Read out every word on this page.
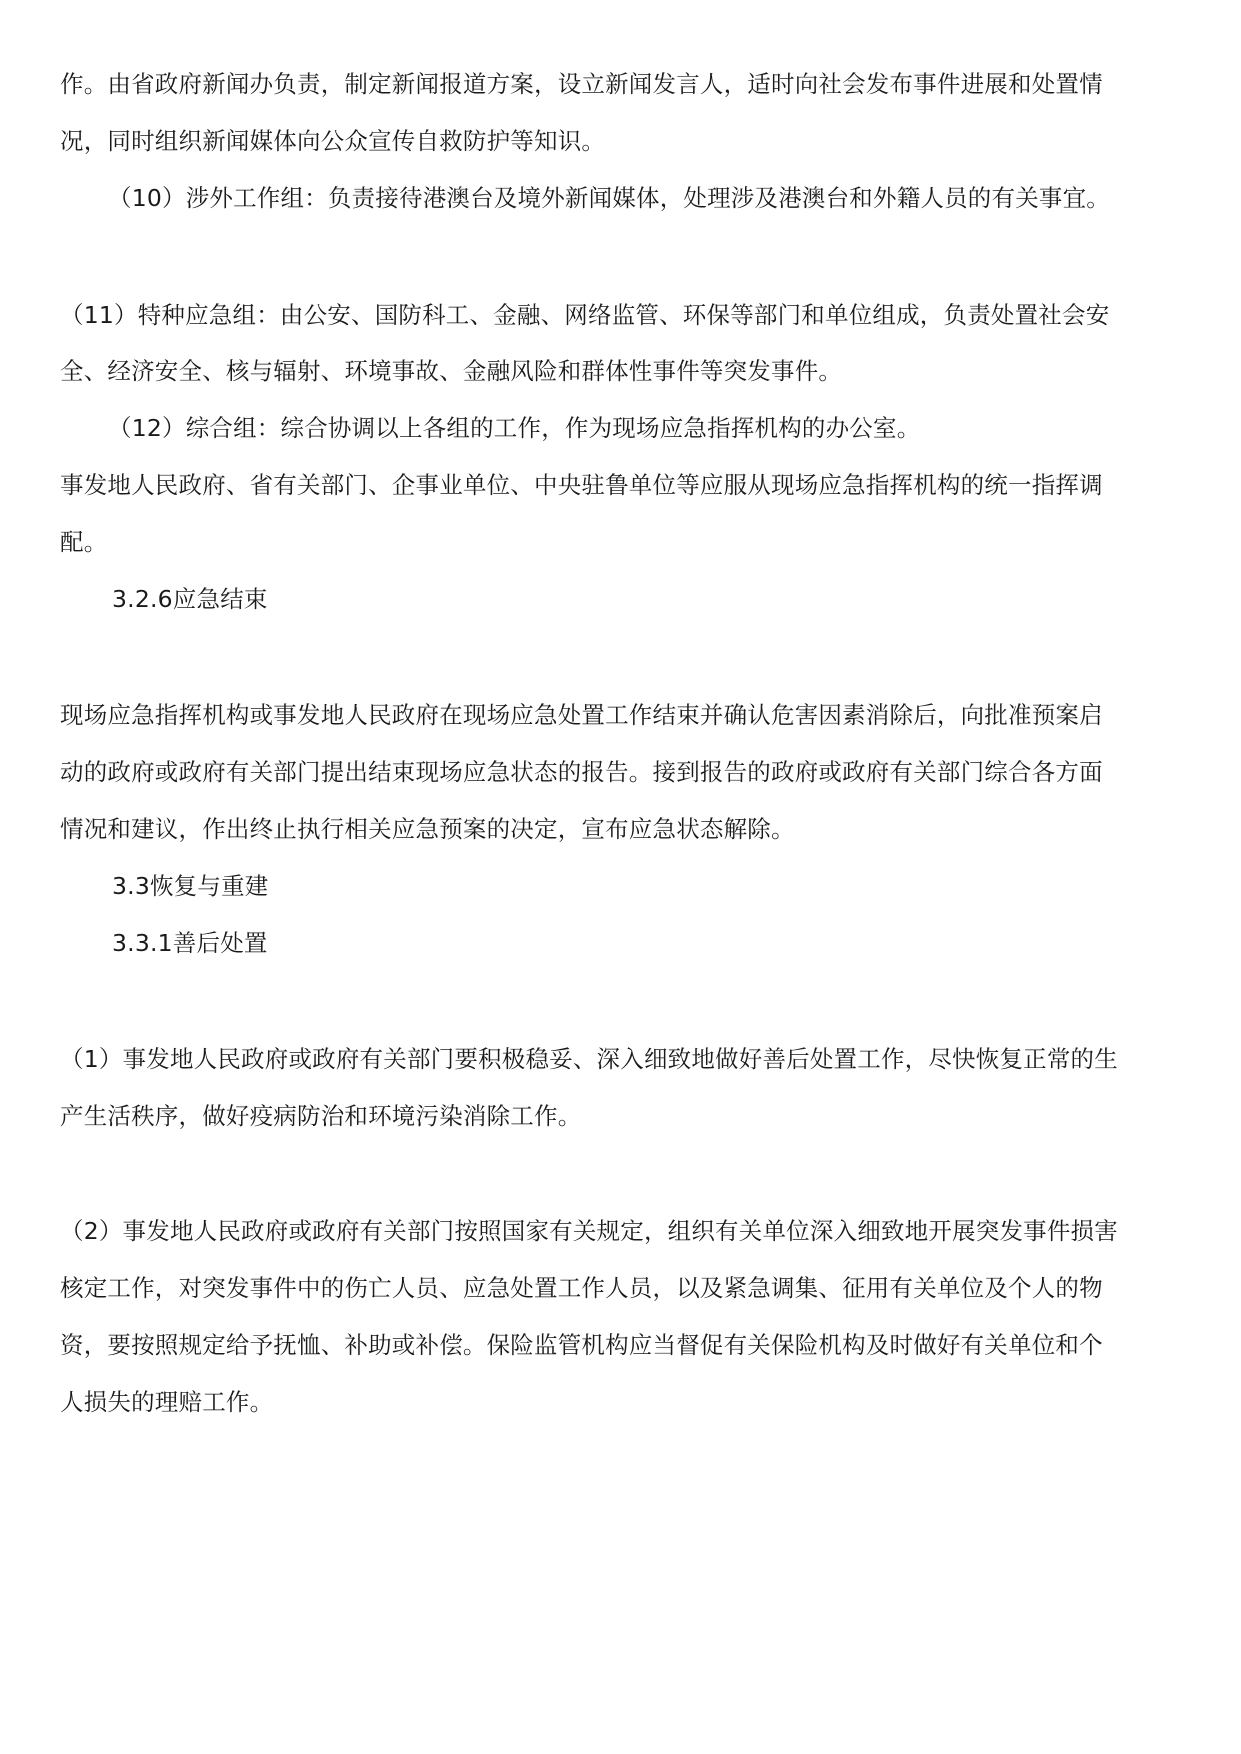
作。由省政府新闻办负责，制定新闻报道方案，设立新闻发言人，适时向社会发布事件进展和处置情

况，同时组织新闻媒体向公众宣传自救防护等知识。

（10）涉外工作组：负责接待港澳台及境外新闻媒体，处理涉及港澳台和外籍人员的有关事宜。

（11）特种应急组：由公安、国防科工、金融、网络监管、环保等部门和单位组成，负责处置社会安

全、经济安全、核与辐射、环境事故、金融风险和群体性事件等突发事件。

（12）综合组：综合协调以上各组的工作，作为现场应急指挥机构的办公室。

事发地人民政府、省有关部门、企事业单位、中央驻鲁单位等应服从现场应急指挥机构的统一指挥调

配。

3.2.6应急结束

现场应急指挥机构或事发地人民政府在现场应急处置工作结束并确认危害因素消除后，向批准预案启

动的政府或政府有关部门提出结束现场应急状态的报告。接到报告的政府或政府有关部门综合各方面

情况和建议，作出终止执行相关应急预案的决定，宣布应急状态解除。

3.3恢复与重建

3.3.1善后处置

（1）事发地人民政府或政府有关部门要积极稳妥、深入细致地做好善后处置工作，尽快恢复正常的生

产生活秩序，做好疫病防治和环境污染消除工作。

（2）事发地人民政府或政府有关部门按照国家有关规定，组织有关单位深入细致地开展突发事件损害

核定工作，对突发事件中的伤亡人员、应急处置工作人员，以及紧急调集、征用有关单位及个人的物

资，要按照规定给予抚恤、补助或补偿。保险监管机构应当督促有关保险机构及时做好有关单位和个

人损失的理赔工作。
